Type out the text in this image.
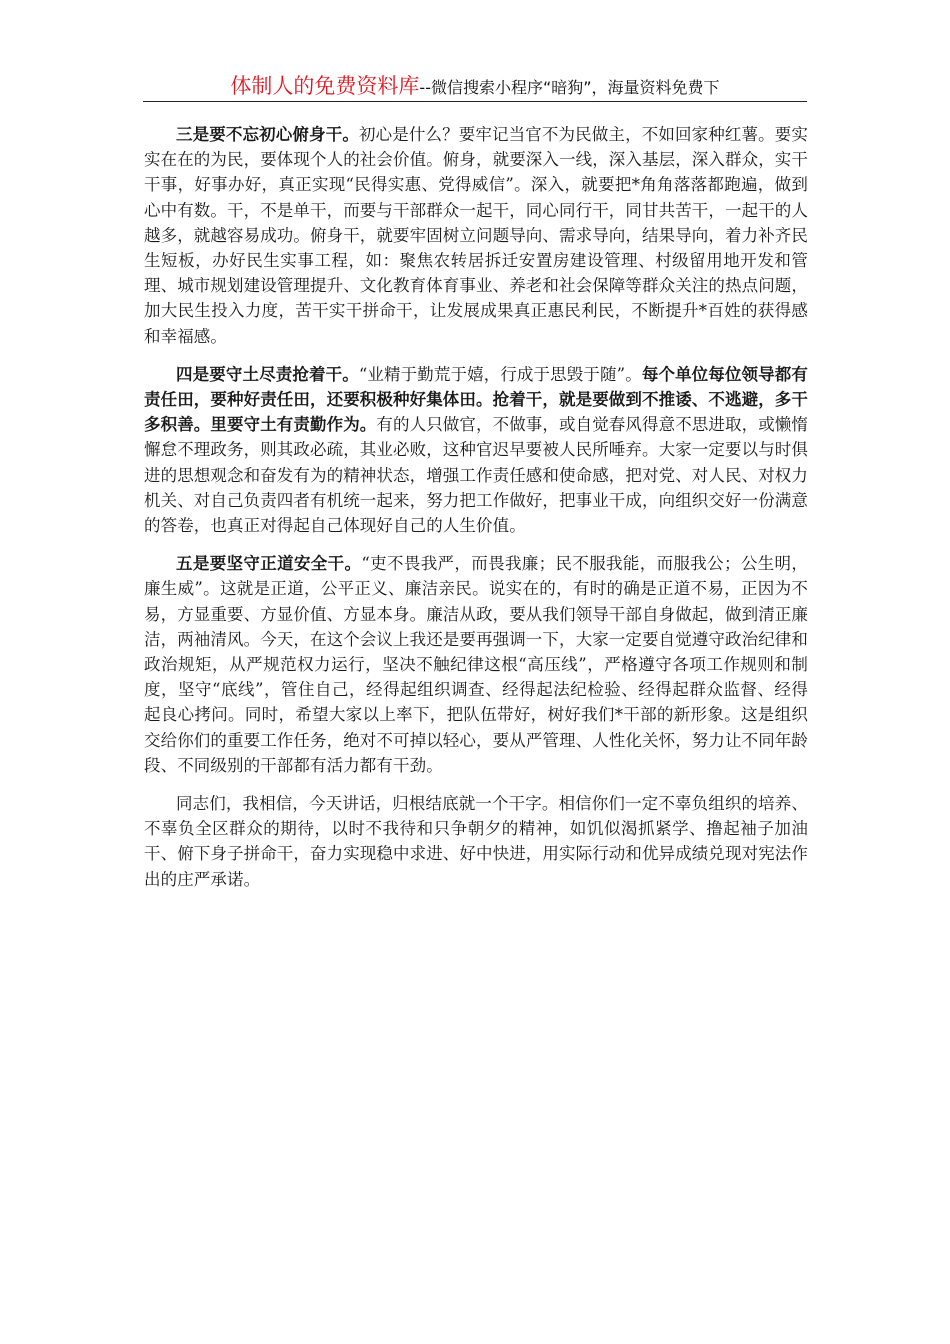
体制人的免费资料库--微信搜索小程序“暗狗”，海量资料免费下

三是要不忘初心俯身干。初心是什么？要牢记当官不为民做主，不如回家种红薯。要实实在在的为民，要体现个人的社会价值。俯身，就要深入一线，深入基层，深入群众，实干干事，好事办好，真正实现“民得实惠、党得威信”。深入，就要把*角角落落都跑遍，做到心中有数。干，不是单干，而要与干部群众一起干，同心同行干，同甘共苦干，一起干的人越多，就越容易成功。俯身干，就要牢固树立问题导向、需求导向，结果导向，着力补齐民生短板，办好民生实事工程，如：聚焦农转居拆迁安置房建设管理、村级留用地开发和管理、城市规划建设管理提升、文化教育体育事业、养老和社会保障等群众关注的热点问题，加大民生投入力度，苦干实干拼命干，让发展成果真正惠民利民，不断提升*百姓的获得感和幸福感。

四是要守土尽责抢着干。“业精于勤荒于嬉，行成于思毁于随”。每个单位每位领导都有责任田，要种好责任田，还要积极种好集体田。抢着干，就是要做到不推诿、不逃避，多干多积善。里要守土有责勤作为。有的人只做官，不做事，或自觉春风得意不思进取，或懒惰懈怠不理政务，则其政必疏，其业必败，这种官迟早要被人民所唾弃。大家一定要以与时俱进的思想观念和奋发有为的精神状态，增强工作责任感和使命感，把对党、对人民、对权力机关、对自己负责四者有机统一起来，努力把工作做好，把事业干成，向组织交好一份满意的答卷，也真正对得起自己体现好自己的人生价值。

五是要坚守正道安全干。“吏不畏我严，而畏我廉；民不服我能，而服我公；公生明，廉生威”。这就是正道，公平正义、廉洁亲民。说实在的，有时的确是正道不易，正因为不易，方显重要、方显价值、方显本身。廉洁从政，要从我们领导干部自身做起，做到清正廉洁，两袖清风。今天，在这个会议上我还是要再强调一下，大家一定要自觉遵守政治纪律和政治规矩，从严规范权力运行，坚决不触纪律这根“高压线”，严格遵守各项工作规则和制度，坚守“底线”，管住自己，经得起组织调查、经得起法纪检验、经得起群众监督、经得起良心拷问。同时，希望大家以上率下，把队伍带好，树好我们*干部的新形象。这是组织交给你们的重要工作任务，绝对不可掉以轻心，要从严管理、人性化关怀，努力让不同年龄段、不同级别的干部都有活力都有干劲。

同志们，我相信，今天讲话，归根结底就一个干字。相信你们一定不辜负组织的培养、不辜负全区群众的期待，以时不我待和只争朝夕的精神，如饥似渴抓紧学、撸起袖子加油干、俯下身子拼命干，奋力实现稳中求进、好中快进，用实际行动和优异成绩兑现对宪法作出的庄严承诺。
